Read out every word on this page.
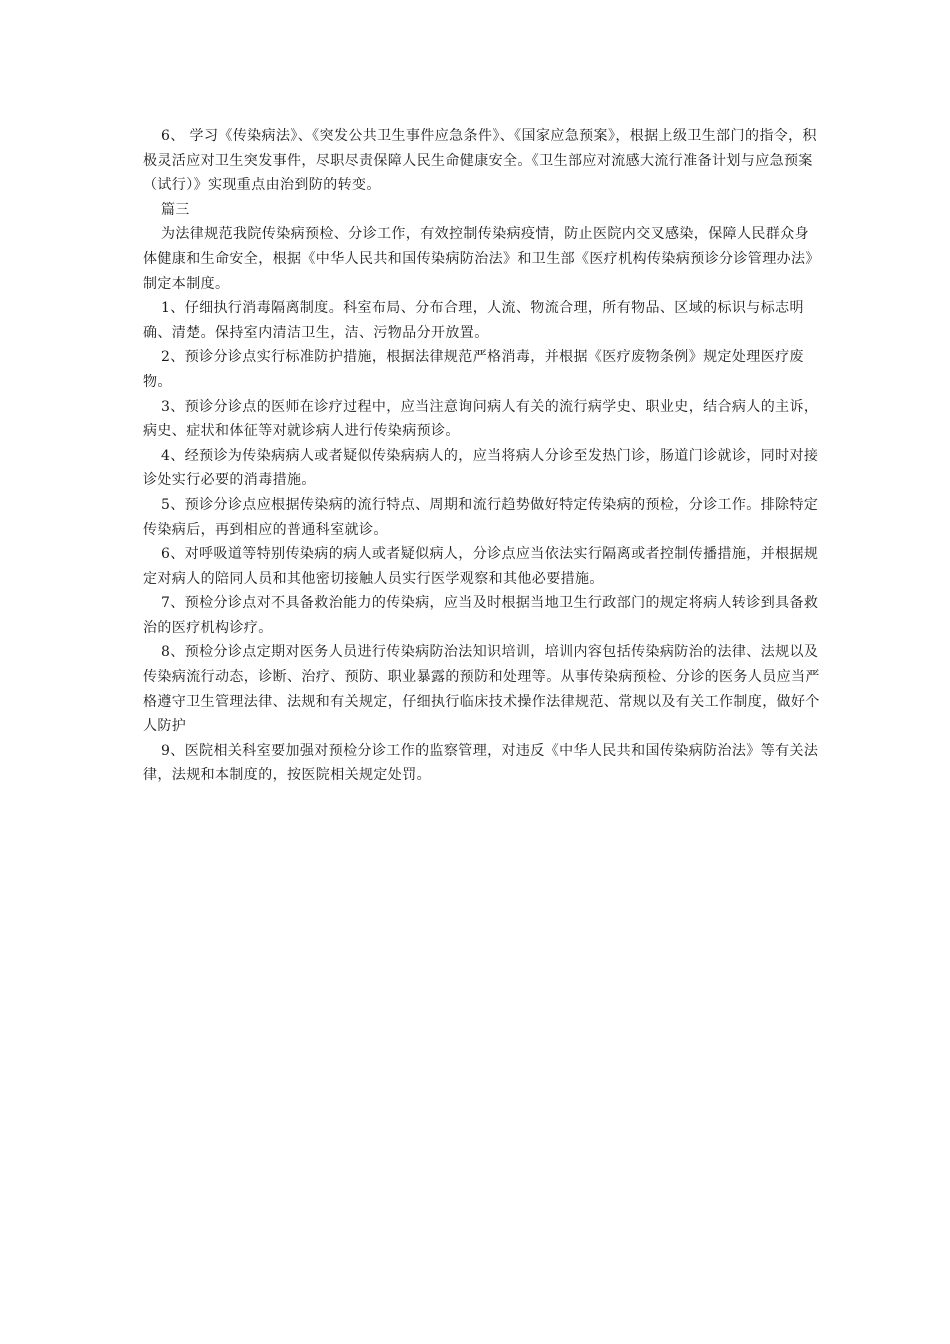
6、 学习《传染病法》、《突发公共卫生事件应急条件》、《国家应急预案》，根据上级卫生部门的指令，积极灵活应对卫生突发事件，尽职尽责保障人民生命健康安全。《卫生部应对流感大流行准备计划与应急预案（试行）》实现重点由治到防的转变。

篇三

为法律规范我院传染病预检、分诊工作，有效控制传染病疫情，防止医院内交叉感染，保障人民群众身体健康和生命安全，根据《中华人民共和国传染病防治法》和卫生部《医疗机构传染病预诊分诊管理办法》制定本制度。

1、仔细执行消毒隔离制度。科室布局、分布合理，人流、物流合理，所有物品、区域的标识与标志明确、清楚。保持室内清洁卫生，洁、污物品分开放置。

2、预诊分诊点实行标准防护措施，根据法律规范严格消毒，并根据《医疗废物条例》规定处理医疗废物。

3、预诊分诊点的医师在诊疗过程中，应当注意询问病人有关的流行病学史、职业史，结合病人的主诉，病史、症状和体征等对就诊病人进行传染病预诊。

4、经预诊为传染病病人或者疑似传染病病人的，应当将病人分诊至发热门诊，肠道门诊就诊，同时对接诊处实行必要的消毒措施。

5、预诊分诊点应根据传染病的流行特点、周期和流行趋势做好特定传染病的预检，分诊工作。排除特定传染病后，再到相应的普通科室就诊。

6、对呼吸道等特别传染病的病人或者疑似病人，分诊点应当依法实行隔离或者控制传播措施，并根据规定对病人的陪同人员和其他密切接触人员实行医学观察和其他必要措施。

7、预检分诊点对不具备救治能力的传染病，应当及时根据当地卫生行政部门的规定将病人转诊到具备救治的医疗机构诊疗。

8、预检分诊点定期对医务人员进行传染病防治法知识培训，培训内容包括传染病防治的法律、法规以及传染病流行动态，诊断、治疗、预防、职业暴露的预防和处理等。从事传染病预检、分诊的医务人员应当严格遵守卫生管理法律、法规和有关规定，仔细执行临床技术操作法律规范、常规以及有关工作制度，做好个人防护

9、医院相关科室要加强对预检分诊工作的监察管理，对违反《中华人民共和国传染病防治法》等有关法律，法规和本制度的，按医院相关规定处罚。
